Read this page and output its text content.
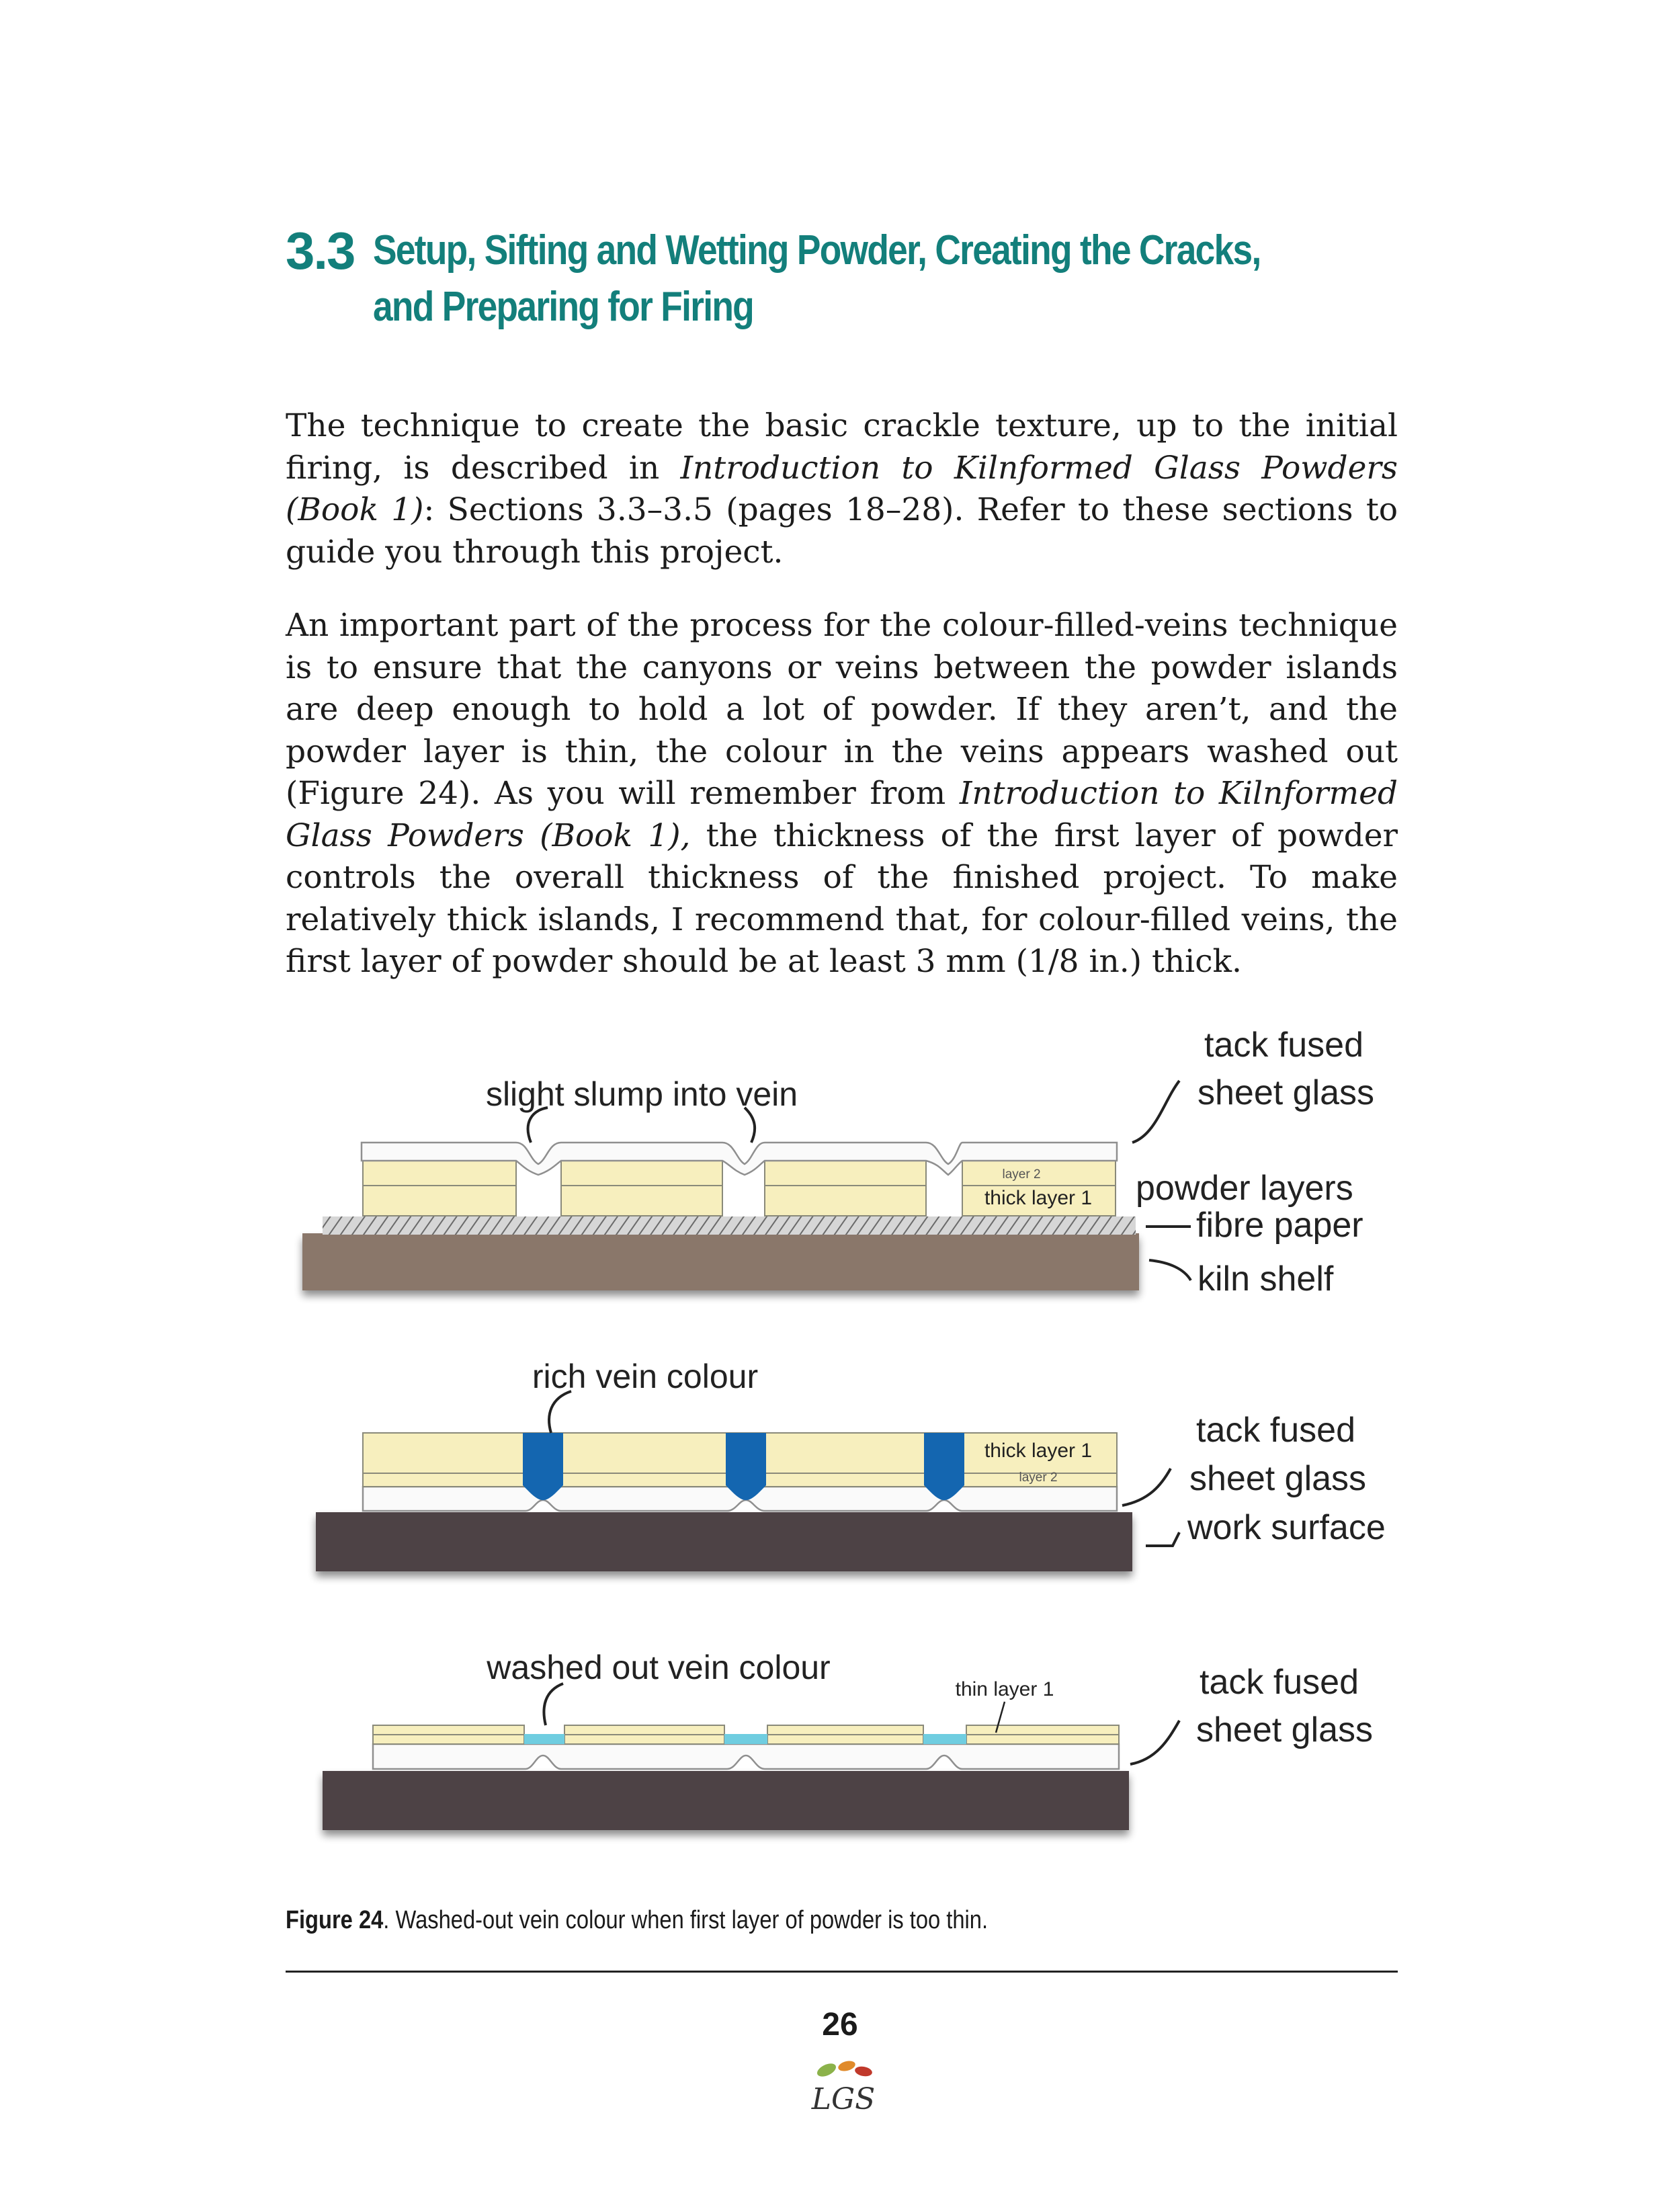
3.3 Setup, Sifting and Wetting Powder, Creating the Cracks,
and Preparing for Firing

The technique to create the basic crackle texture, up to the initial firing, is described in Introduction to Kilnformed Glass Powders (Book 1): Sections 3.3–3.5 (pages 18–28). Refer to these sections to guide you through this project.

An important part of the process for the colour-filled-veins technique is to ensure that the canyons or veins between the powder islands are deep enough to hold a lot of powder. If they aren’t, and the powder layer is thin, the colour in the veins appears washed out (Figure 24). As you will remember from Introduction to Kilnformed Glass Powders (Book 1), the thickness of the first layer of powder controls the overall thickness of the finished project. To make relatively thick islands, I recommend that, for colour-filled veins, the first layer of powder should be at least 3 mm (1/8 in.) thick.

layer 2
thick layer 1
slight slump into vein
tack fused
sheet glass
powder layers
fibre paper
kiln shelf
thick layer 1
layer 2
rich vein colour
tack fused
sheet glass
work surface
washed out vein colour
thin layer 1	tack fused
sheet glass
Figure 24. Washed-out vein colour when first layer of powder is too thin.
26
LGS
